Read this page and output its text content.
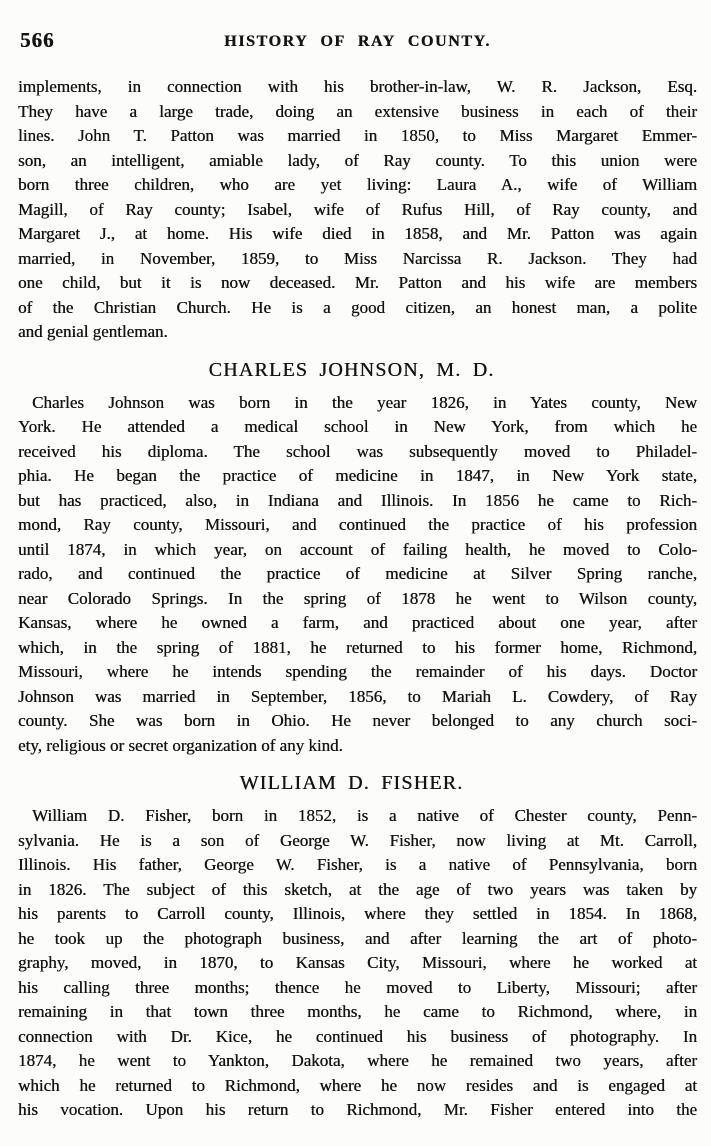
566	HISTORY OF RAY COUNTY.
implements, in connection with his brother-in-law, W. R. Jackson, Esq.
They have a large trade, doing an extensive business in each of their
lines. John T. Patton was married in 1850, to Miss Margaret Emmer-
son, an intelligent, amiable lady, of Ray county. To this union were
born three children, who are yet living: Laura A., wife of William
Magill, of Ray county; Isabel, wife of Rufus Hill, of Ray county, and
Margaret J., at home. His wife died in 1858, and Mr. Patton was again
married, in November, 1859, to Miss Narcissa R. Jackson. They had
one child, but it is now deceased. Mr. Patton and his wife are members
of the Christian Church. He is a good citizen, an honest man, a polite
and genial gentleman.
CHARLES JOHNSON, M. D.
Charles Johnson was born in the year 1826, in Yates county, New
York. He attended a medical school in New York, from which he
received his diploma. The school was subsequently moved to Philadel-
phia. He began the practice of medicine in 1847, in New York state,
but has practiced, also, in Indiana and Illinois. In 1856 he came to Rich-
mond, Ray county, Missouri, and continued the practice of his profession
until 1874, in which year, on account of failing health, he moved to Colo-
rado, and continued the practice of medicine at Silver Spring ranche,
near Colorado Springs. In the spring of 1878 he went to Wilson county,
Kansas, where he owned a farm, and practiced about one year, after
which, in the spring of 1881, he returned to his former home, Richmond,
Missouri, where he intends spending the remainder of his days. Doctor
Johnson was married in September, 1856, to Mariah L. Cowdery, of Ray
county. She was born in Ohio. He never belonged to any church soci-
ety, religious or secret organization of any kind.
WILLIAM D. FISHER.
William D. Fisher, born in 1852, is a native of Chester county, Penn-
sylvania. He is a son of George W. Fisher, now living at Mt. Carroll,
Illinois. His father, George W. Fisher, is a native of Pennsylvania, born
in 1826. The subject of this sketch, at the age of two years was taken by
his parents to Carroll county, Illinois, where they settled in 1854. In 1868,
he took up the photograph business, and after learning the art of photo-
graphy, moved, in 1870, to Kansas City, Missouri, where he worked at
his calling three months; thence he moved to Liberty, Missouri; after
remaining in that town three months, he came to Richmond, where, in
connection with Dr. Kice, he continued his business of photography. In
1874, he went to Yankton, Dakota, where he remained two years, after
which he returned to Richmond, where he now resides and is engaged at
his vocation. Upon his return to Richmond, Mr. Fisher entered into the
